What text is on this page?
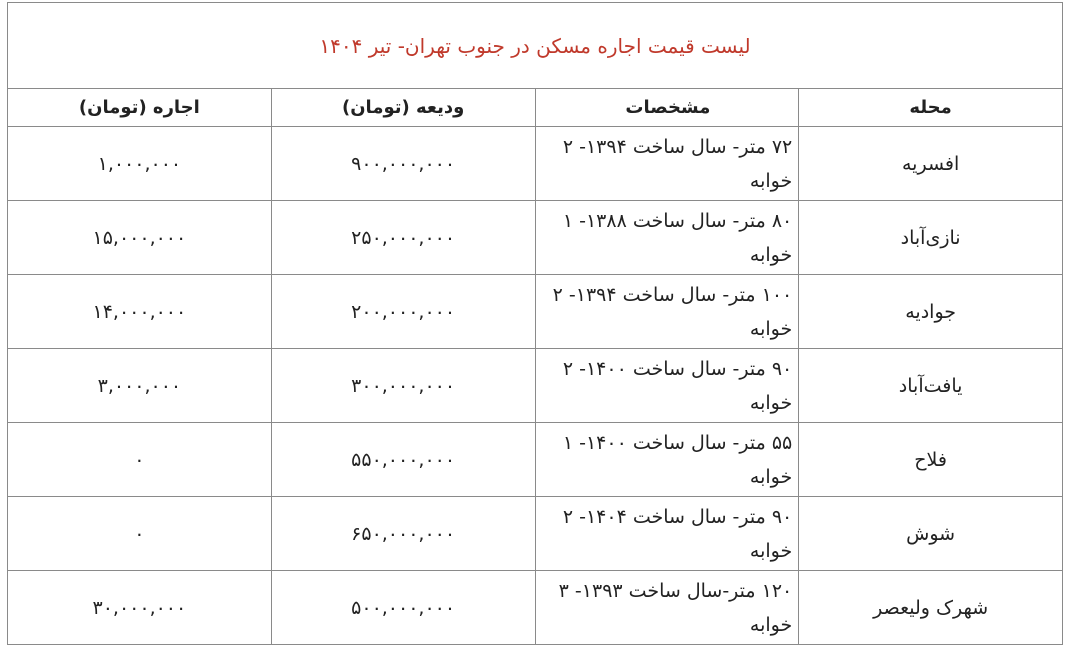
لیست قیمت اجاره مسکن در جنوب تهران- تیر ۱۴۰۴			
محله	مشخصات	ودیعه (تومان)	اجاره (تومان)
افسریه	۷۲ متر- سال ساخت ۱۳۹۴- ۲ خوابه	۹۰۰,۰۰۰,۰۰۰	۱,۰۰۰,۰۰۰
نازی‌آباد	۸۰ متر- سال ساخت ۱۳۸۸- ۱ خوابه	۲۵۰,۰۰۰,۰۰۰	۱۵,۰۰۰,۰۰۰
جوادیه	۱۰۰ متر- سال ساخت ۱۳۹۴- ۲ خوابه	۲۰۰,۰۰۰,۰۰۰	۱۴,۰۰۰,۰۰۰
یافت‌آباد	۹۰ متر- سال ساخت ۱۴۰۰- ۲ خوابه	۳۰۰,۰۰۰,۰۰۰	۳,۰۰۰,۰۰۰
فلاح	۵۵ متر- سال ساخت ۱۴۰۰- ۱ خوابه	۵۵۰,۰۰۰,۰۰۰	۰
شوش	۹۰ متر- سال ساخت ۱۴۰۴- ۲ خوابه	۶۵۰,۰۰۰,۰۰۰	۰
شهرک ولیعصر	۱۲۰ متر-سال ساخت ۱۳۹۳- ۳ خوابه	۵۰۰,۰۰۰,۰۰۰	۳۰,۰۰۰,۰۰۰
